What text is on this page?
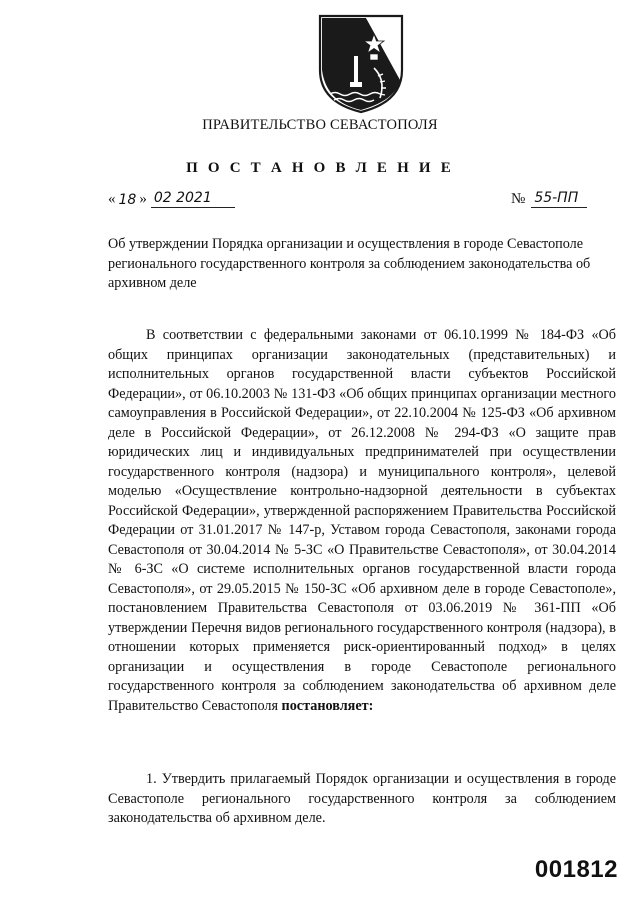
ПРАВИТЕЛЬСТВО СЕВАСТОПОЛЯ
П О С Т А Н О В Л Е Н И Е
« 18 » 02 2021	№ 55-ПП
Об утверждении Порядка организации и осуществления в городе Севастополе регионального государственного контроля за соблюдением законодательства об архивном деле
В соответствии с федеральными законами от 06.10.1999 № 184-ФЗ «Об общих принципах организации законодательных (представительных) и исполнительных органов государственной власти субъектов Российской Федерации», от 06.10.2003 № 131-ФЗ «Об общих принципах организации местного самоуправления в Российской Федерации», от 22.10.2004 № 125-ФЗ «Об архивном деле в Российской Федерации», от 26.12.2008 № 294-ФЗ «О защите прав юридических лиц и индивидуальных предпринимателей при осуществлении государственного контроля (надзора) и муниципального контроля», целевой моделью «Осуществление контрольно-надзорной деятельности в субъектах Российской Федерации», утвержденной распоряжением Правительства Российской Федерации от 31.01.2017 № 147-р, Уставом города Севастополя, законами города Севастополя от 30.04.2014 № 5-ЗС «О Правительстве Севастополя», от 30.04.2014 № 6-ЗС «О системе исполнительных органов государственной власти города Севастополя», от 29.05.2015 № 150-ЗС «Об архивном деле в городе Севастополе», постановлением Правительства Севастополя от 03.06.2019 № 361-ПП «Об утверждении Перечня видов регионального государственного контроля (надзора), в отношении которых применяется риск-ориентированный подход» в целях организации и осуществления в городе Севастополе регионального государственного контроля за соблюдением законодательства об архивном деле Правительство Севастополя постановляет:
1. Утвердить прилагаемый Порядок организации и осуществления в городе Севастополе регионального государственного контроля за соблюдением законодательства об архивном деле.
001812
